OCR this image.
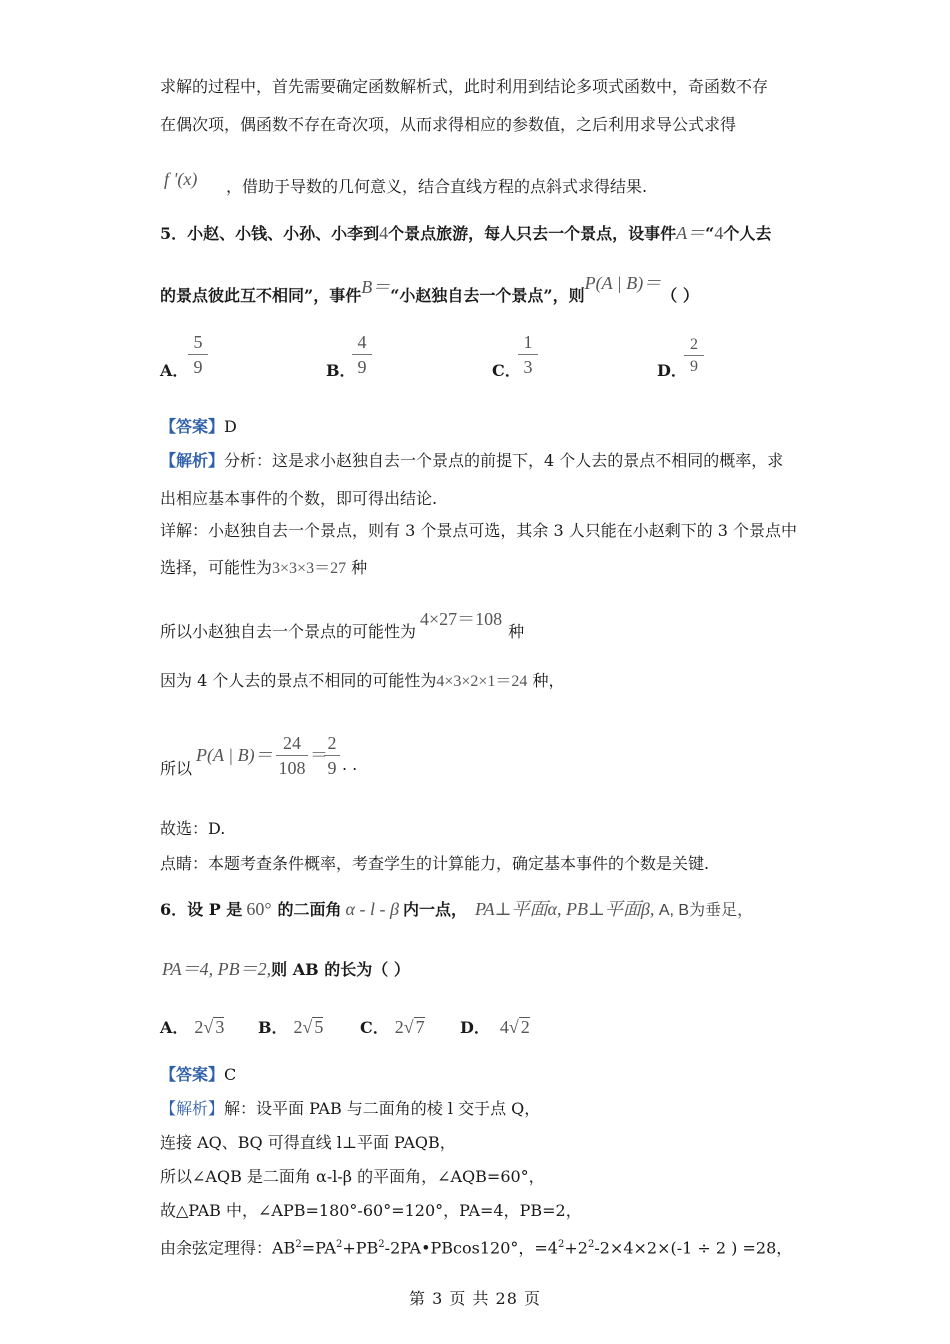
求解的过程中，首先需要确定函数解析式，此时利用到结论多项式函数中，奇函数不存
在偶次项，偶函数不存在奇次项，从而求得相应的参数值，之后利用求导公式求得
f '(x) ，借助于导数的几何意义，结合直线方程的点斜式求得结果.
5．小赵、小钱、小孙、小李到4个景点旅游，每人只去一个景点，设事件A＝“4个人去
的景点彼此互不相同”，事件B＝“小赵独自去一个景点”，则P(A | B)＝（ ）
A．
5
9	B．
4
9	C．
1
3	D．
2
9
【答案】D
【解析】分析：这是求小赵独自去一个景点的前提下，4 个人去的景点不相同的概率，求
出相应基本事件的个数，即可得出结论.
详解：小赵独自去一个景点，则有 3 个景点可选，其余 3 人只能在小赵剩下的 3 个景点中
选择，可能性为3×3×3＝27 种
所以小赵独自去一个景点的可能性为4×27＝108种
因为 4 个人去的景点不相同的可能性为4×3×2×1＝24 种，
所以
P(A | B)＝
24
108
＝
2
9 . .
故选：D.
点睛：本题考查条件概率，考查学生的计算能力，确定基本事件的个数是关键.
6．设 P 是 60° 的二面角 α - l - β 内一点， PA⊥平面α, PB⊥平面β, A, B为垂足，
PA＝4, PB＝2,则 AB 的长为（ ）
A． 2√ 3 B． 2√ 5 C． 2√ 7 D． 4√ 2
【答案】C
【解析】解：设平面 PAB 与二面角的棱 l 交于点 Q，
连接 AQ、BQ 可得直线 l⊥平面 PAQB，
所以∠AQB 是二面角 α-l-β 的平面角，∠AQB=60°，
故△PAB 中，∠APB=180°-60°=120°，PA=4，PB=2，
由余弦定理得：$AB^2=PA^2+PB^2-2PA•PBcos120^\circ$，$=4^2+2^2-2\times 4\times 2\times(-1 \div 2$ ) =28，
第 3 页 共 28 页
